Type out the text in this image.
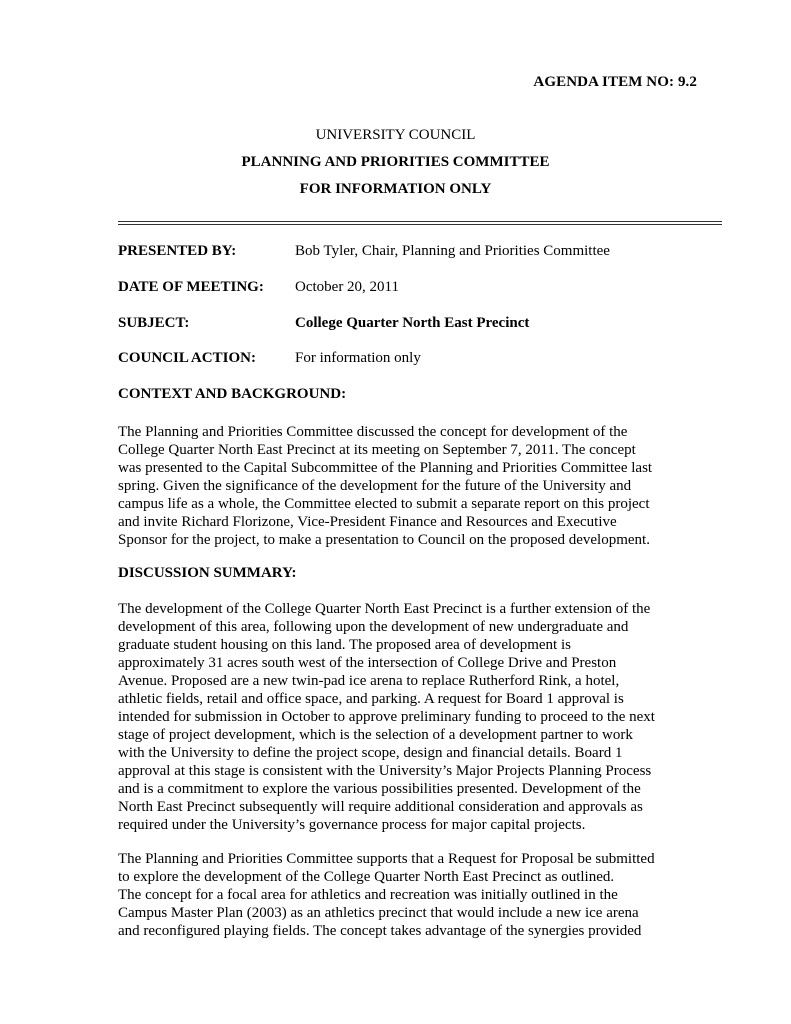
AGENDA ITEM NO: 9.2
UNIVERSITY COUNCIL
PLANNING AND PRIORITIES COMMITTEE
FOR INFORMATION ONLY
PRESENTED BY:	Bob Tyler, Chair, Planning and Priorities Committee
DATE OF MEETING: October 20, 2011
SUBJECT:	College Quarter North East Precinct
COUNCIL ACTION:	For information only
CONTEXT AND BACKGROUND:
The Planning and Priorities Committee discussed the concept for development of the
College Quarter North East Precinct at its meeting on September 7, 2011. The concept
was presented to the Capital Subcommittee of the Planning and Priorities Committee last
spring. Given the significance of the development for the future of the University and
campus life as a whole, the Committee elected to submit a separate report on this project
and invite Richard Florizone, Vice-President Finance and Resources and Executive
Sponsor for the project, to make a presentation to Council on the proposed development.
DISCUSSION SUMMARY:
The development of the College Quarter North East Precinct is a further extension of the
development of this area, following upon the development of new undergraduate and
graduate student housing on this land. The proposed area of development is
approximately 31 acres south west of the intersection of College Drive and Preston
Avenue. Proposed are a new twin-pad ice arena to replace Rutherford Rink, a hotel,
athletic fields, retail and office space, and parking. A request for Board 1 approval is
intended for submission in October to approve preliminary funding to proceed to the next
stage of project development, which is the selection of a development partner to work
with the University to define the project scope, design and financial details. Board 1
approval at this stage is consistent with the University’s Major Projects Planning Process
and is a commitment to explore the various possibilities presented. Development of the
North East Precinct subsequently will require additional consideration and approvals as
required under the University’s governance process for major capital projects.
The Planning and Priorities Committee supports that a Request for Proposal be submitted
to explore the development of the College Quarter North East Precinct as outlined.
The concept for a focal area for athletics and recreation was initially outlined in the
Campus Master Plan (2003) as an athletics precinct that would include a new ice arena
and reconfigured playing fields. The concept takes advantage of the synergies provided
